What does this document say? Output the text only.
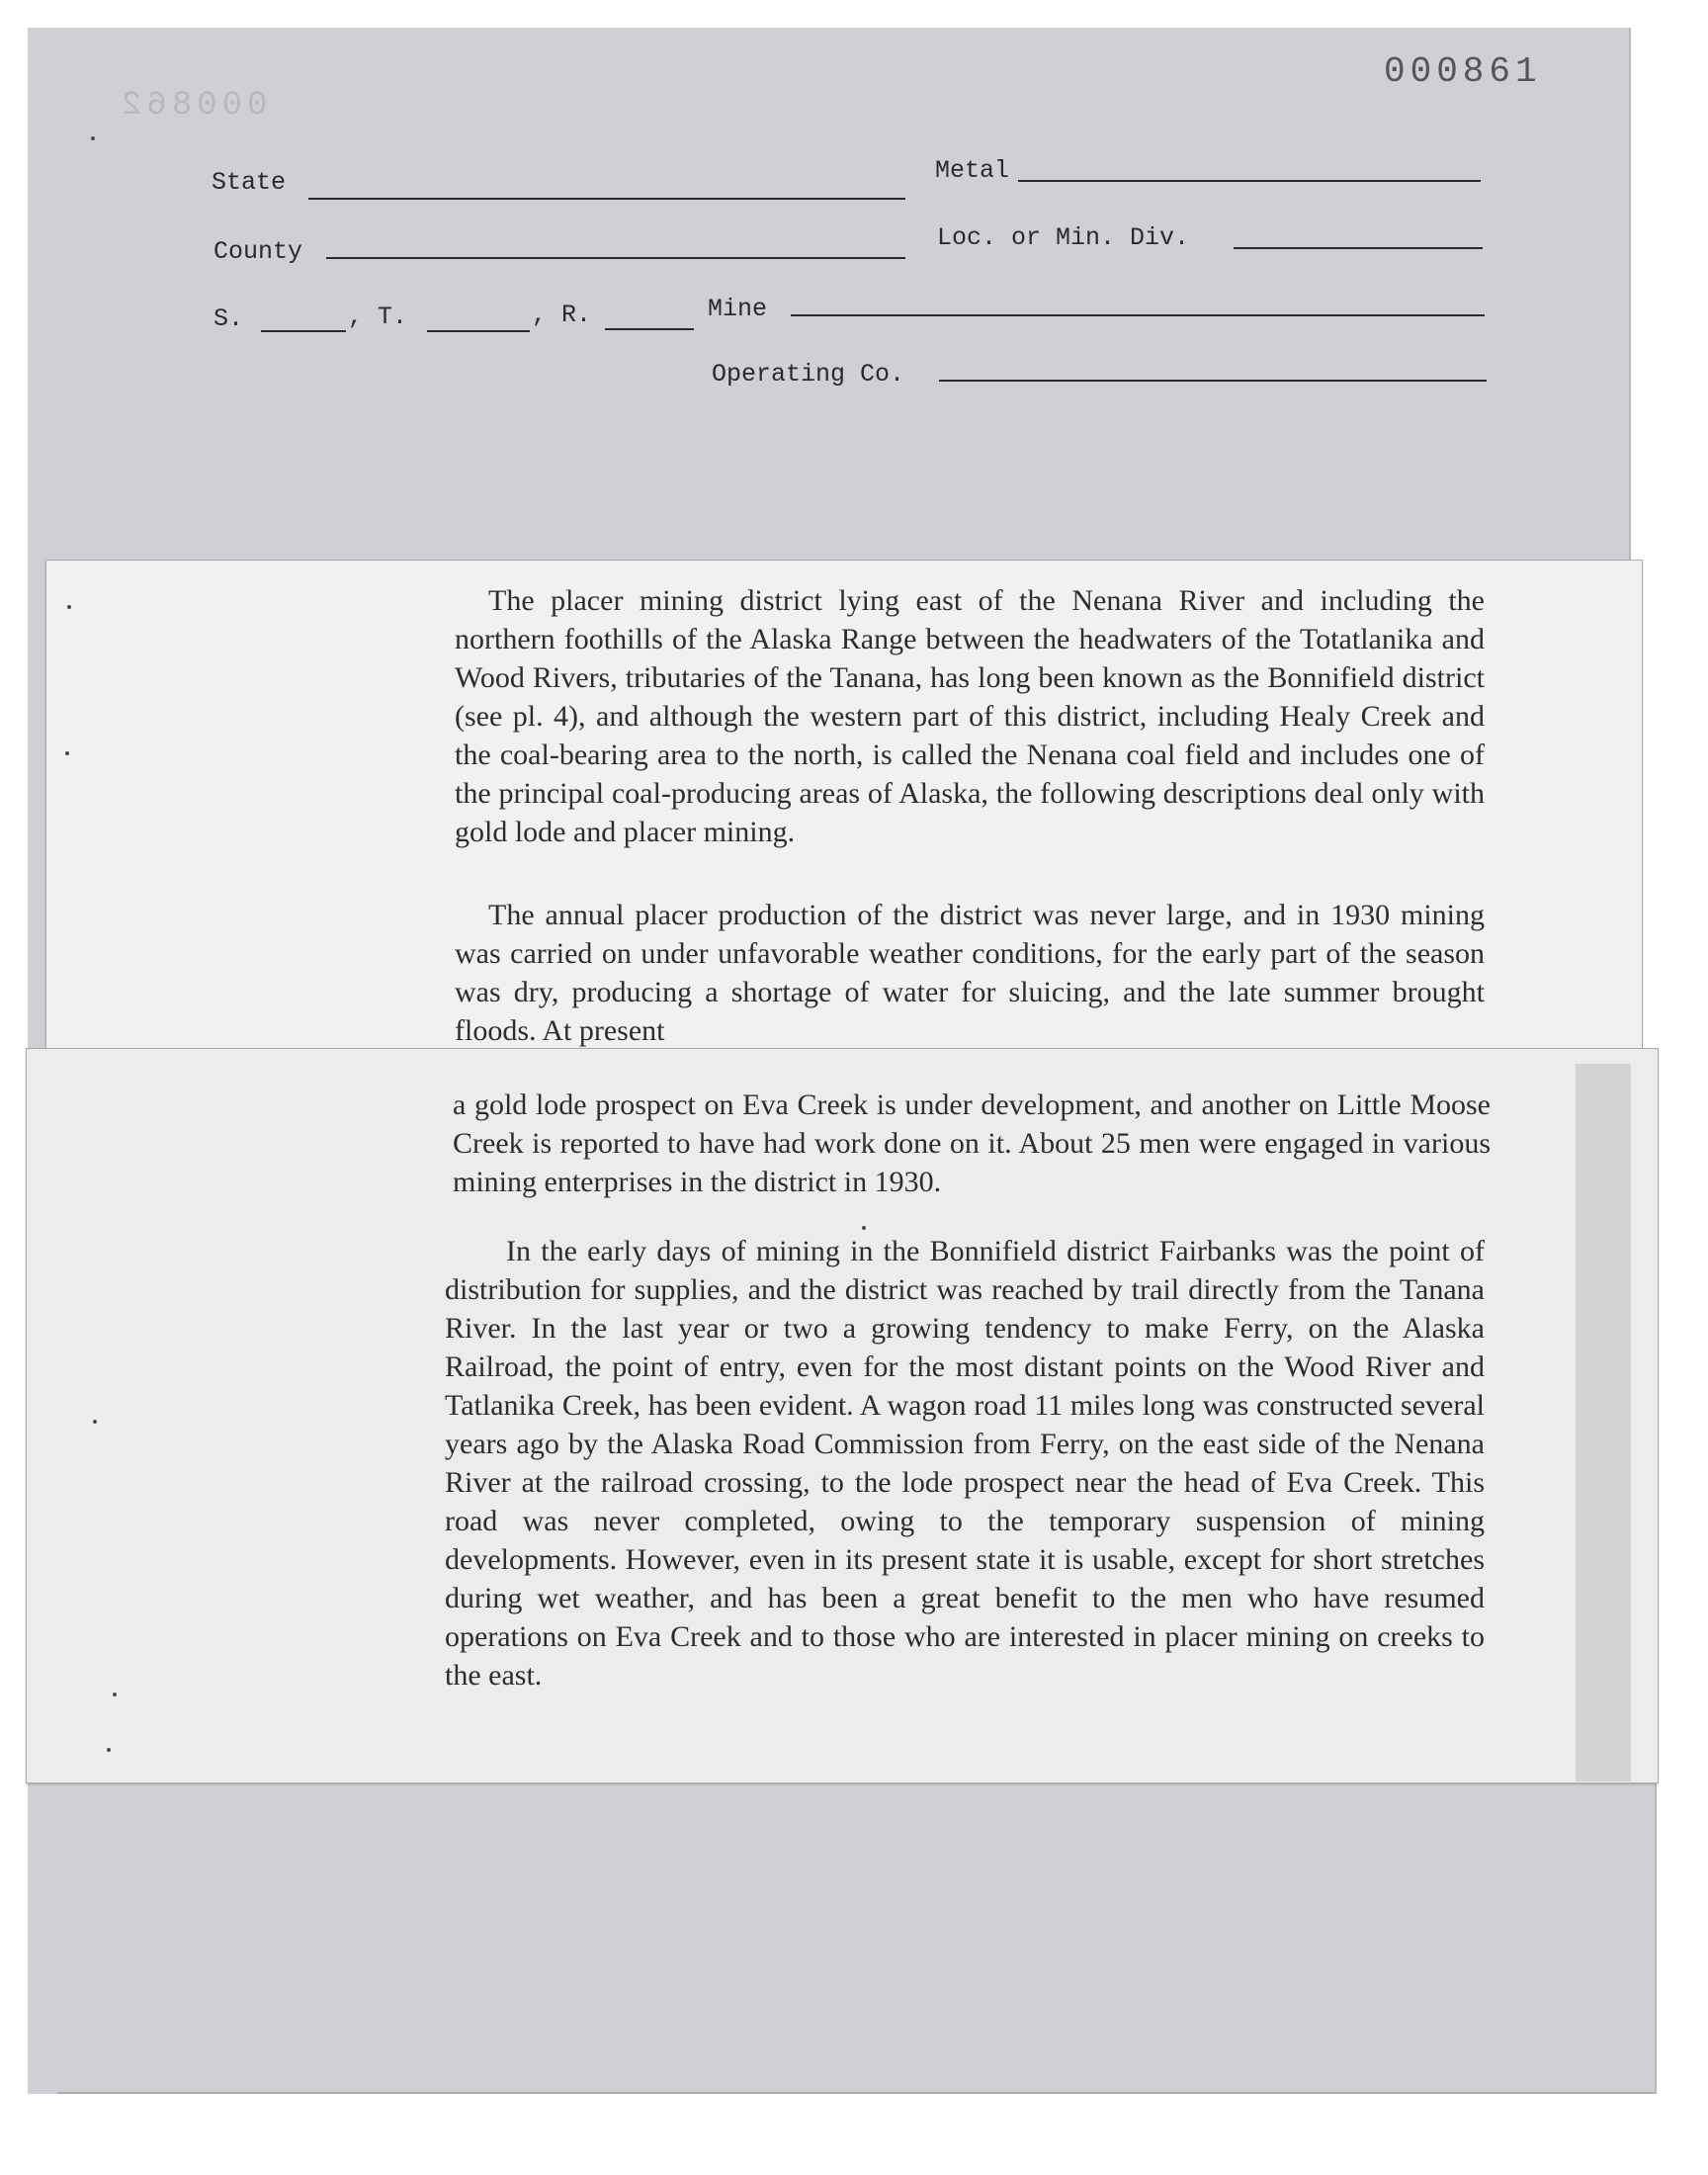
000862
000861
State	Metal
County	Loc. or Min. Div.
S.	, T.	, R.	Mine
Operating Co.

The placer mining district lying east of the Nenana River and including the northern foothills of the Alaska Range between the headwaters of the Totatlanika and Wood Rivers, tributaries of the Tanana, has long been known as the Bonnifield district (see pl. 4), and although the western part of this district, including Healy Creek and the coal-bearing area to the north, is called the Nenana coal field and includes one of the principal coal-producing areas of Alaska, the following descriptions deal only with gold lode and placer mining.

The annual placer production of the district was never large, and in 1930 mining was carried on under unfavorable weather conditions, for the early part of the season was dry, producing a shortage of water for sluicing, and the late summer brought floods. At present

a gold lode prospect on Eva Creek is under development, and another on Little Moose Creek is reported to have had work done on it. About 25 men were engaged in various mining enterprises in the district in 1930.

In the early days of mining in the Bonnifield district Fairbanks was the point of distribution for supplies, and the district was reached by trail directly from the Tanana River. In the last year or two a growing tendency to make Ferry, on the Alaska Railroad, the point of entry, even for the most distant points on the Wood River and Tatlanika Creek, has been evident. A wagon road 11 miles long was constructed several years ago by the Alaska Road Commission from Ferry, on the east side of the Nenana River at the railroad crossing, to the lode prospect near the head of Eva Creek. This road was never completed, owing to the temporary suspension of mining developments. However, even in its present state it is usable, except for short stretches during wet weather, and has been a great benefit to the men who have resumed operations on Eva Creek and to those who are interested in placer mining on creeks to the east.
